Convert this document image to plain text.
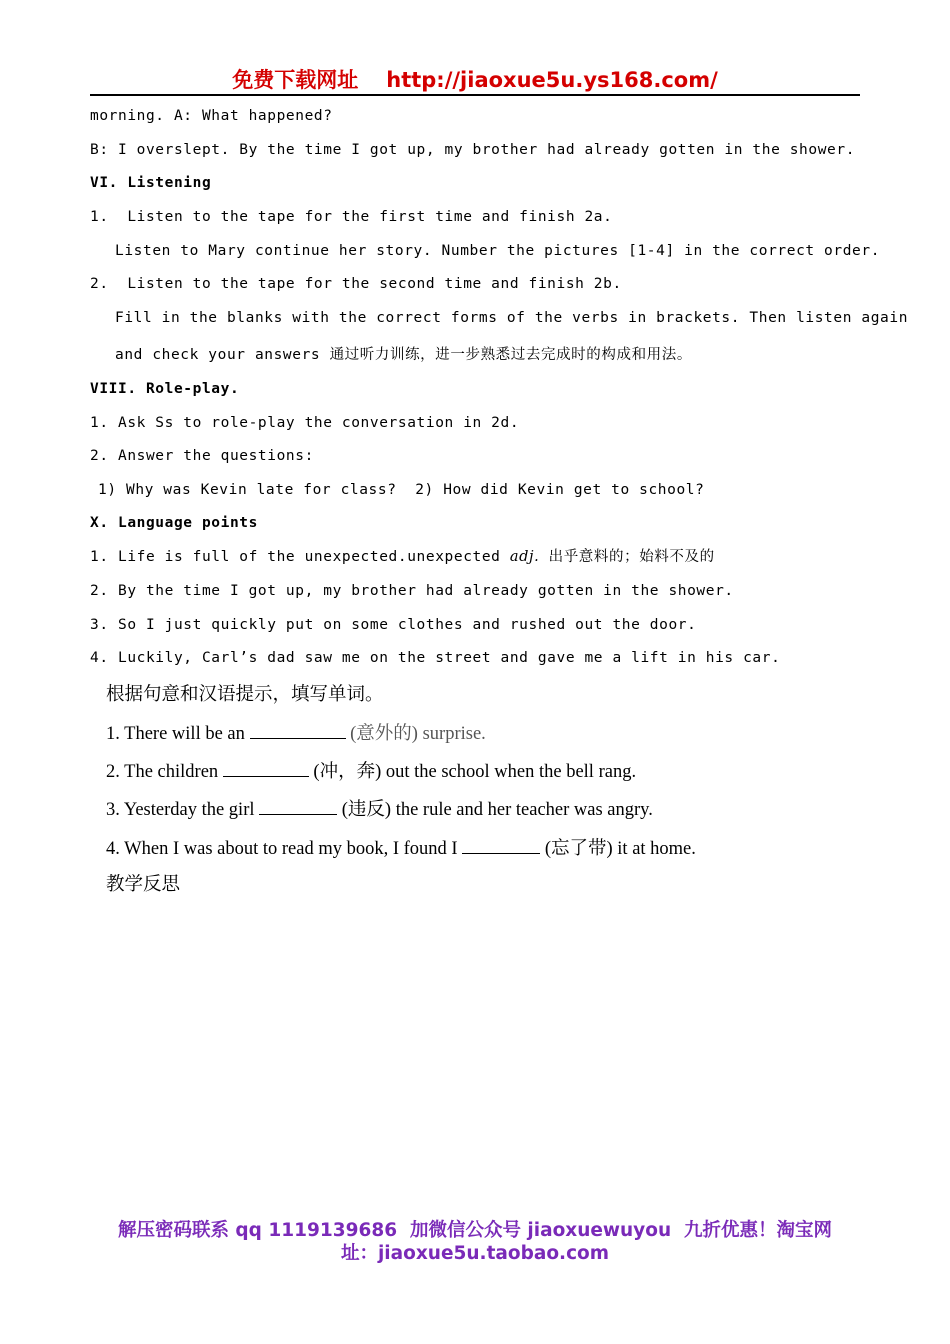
免费下载网址 http://jiaoxue5u.ys168.com/
morning. A: What happened?
B: I overslept. By the time I got up, my brother had already gotten in the shower.
VI. Listening
1.  Listen to the tape for the first time and finish 2a.
Listen to Mary continue her story. Number the pictures [1-4] in the correct order.
2.  Listen to the tape for the second time and finish 2b.
Fill in the blanks with the correct forms of the verbs in brackets. Then listen again
and check your answers 通过听力训练，进一步熟悉过去完成时的构成和用法。
VIII. Role-play.
1. Ask Ss to role-play the conversation in 2d.
2. Answer the questions:
1) Why was Kevin late for class?  2) How did Kevin get to school?
X. Language points
1. Life is full of the unexpected.unexpected adj. 出乎意料的；始料不及的
2. By the time I got up, my brother had already gotten in the shower.
3. So I just quickly put on some clothes and rushed out the door.
4. Luckily, Carl’s dad saw me on the street and gave me a lift in his car.
根据句意和汉语提示，填写单词。
1. There will be an	(意外的) surprise.
2. The children	(冲，奔) out the school when the bell rang.
3. Yesterday the girl	(违反) the rule and her teacher was angry.
4. When I was about to read my book, I found I	(忘了带) it at home.
教学反思
解压密码联系 qq 1119139686  加微信公众号 jiaoxuewuyou  九折优惠！淘宝网
址：jiaoxue5u.taobao.com
